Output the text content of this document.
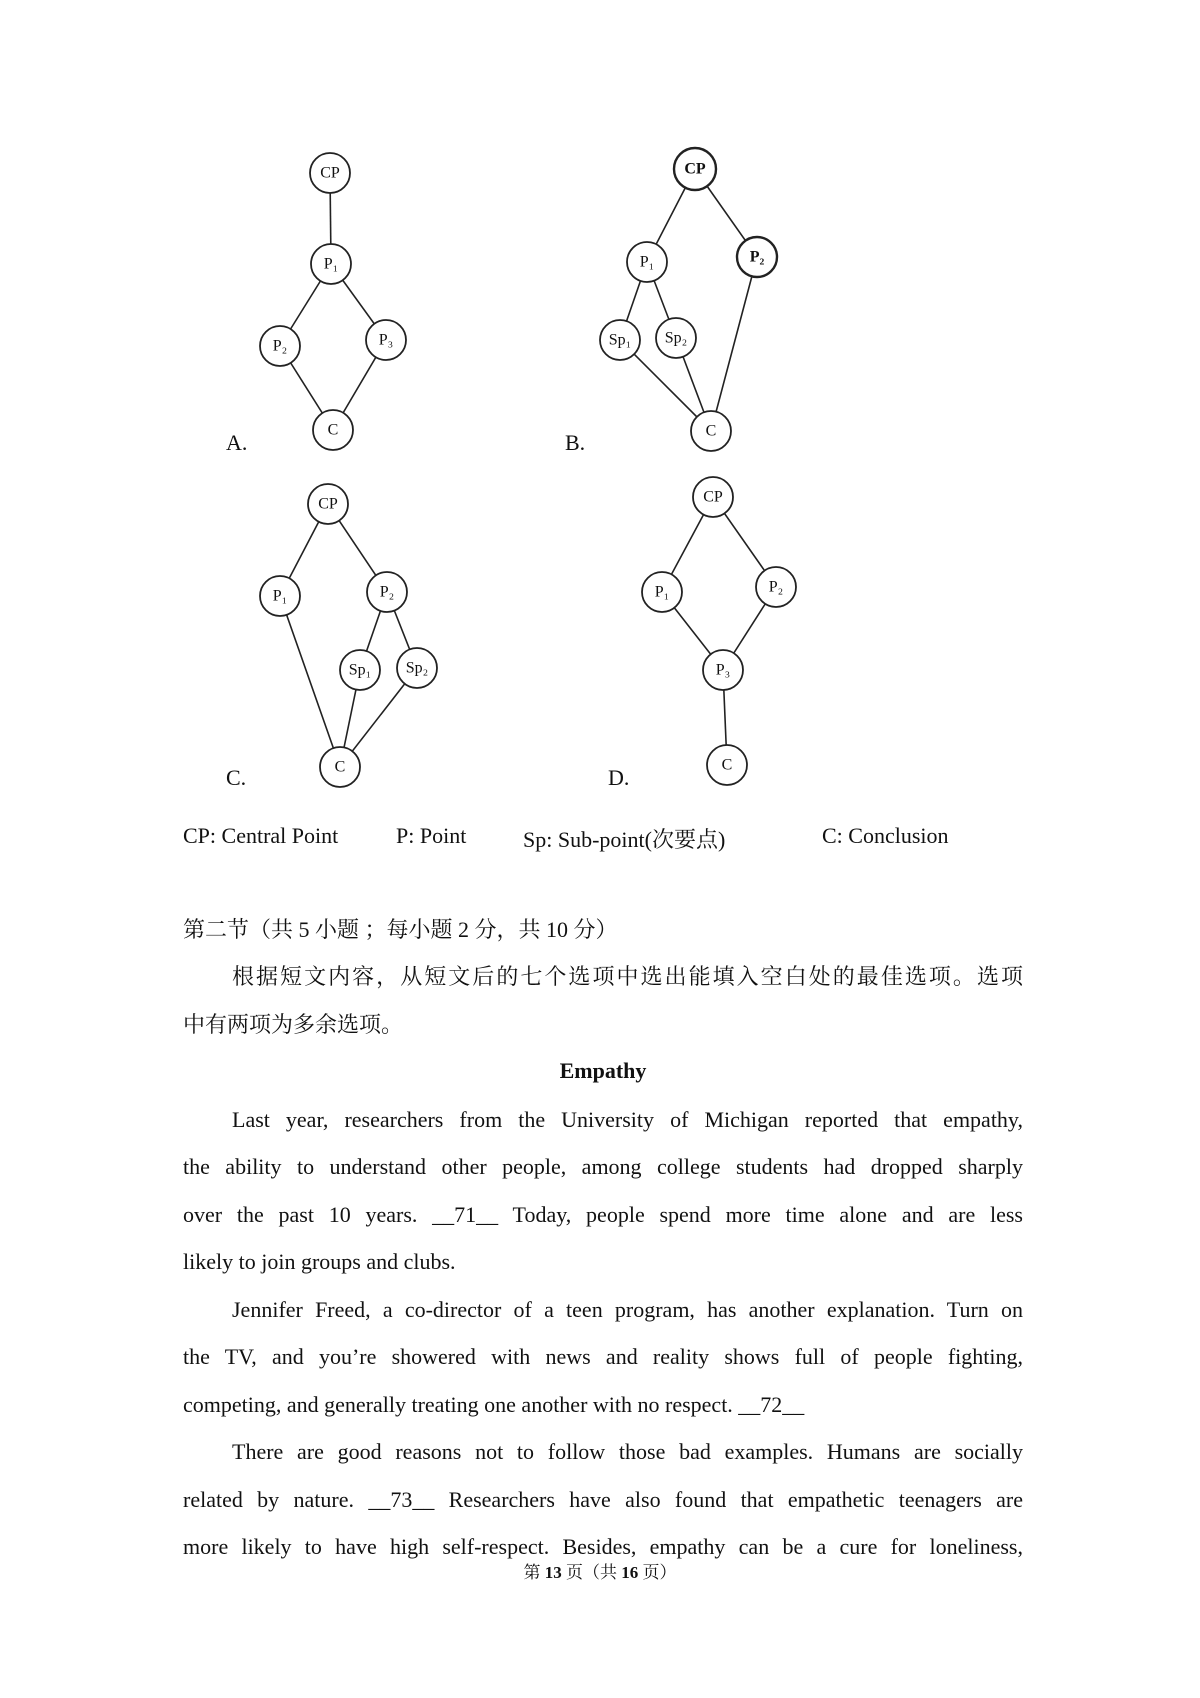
CP
P₁
P₂	P₃
C
CP
P₁	P₂
Sp₁ Sp₂
C
CP
P₁	P₂
Sp₁ Sp₂
C
CP
P₁	P₂
P₃
C
A.	B.
C.	D.
CP: Central Point	P: Point	Sp: Sub-point(次要点)	C: Conclusion
第二节（共 5 小题 ；每小题 2 分，共 10 分）
根据短文内容，从短文后的七个选项中选出能填入空白处的最佳选项。选项
中有两项为多余选项。
Empathy
Last year, researchers from the University of Michigan reported that empathy,
the ability to understand other people, among college students had dropped sharply
over the past 10 years. __71__ Today, people spend more time alone and are less
likely to join groups and clubs.
Jennifer Freed, a co-director of a teen program, has another explanation. Turn on
the TV, and you’re showered with news and reality shows full of people fighting,
competing, and generally treating one another with no respect. __72__
There are good reasons not to follow those bad examples. Humans are socially
related by nature. __73__ Researchers have also found that empathetic teenagers are
more likely to have high self-respect. Besides, empathy can be a cure for loneliness,
第 13 页（共 16 页）
